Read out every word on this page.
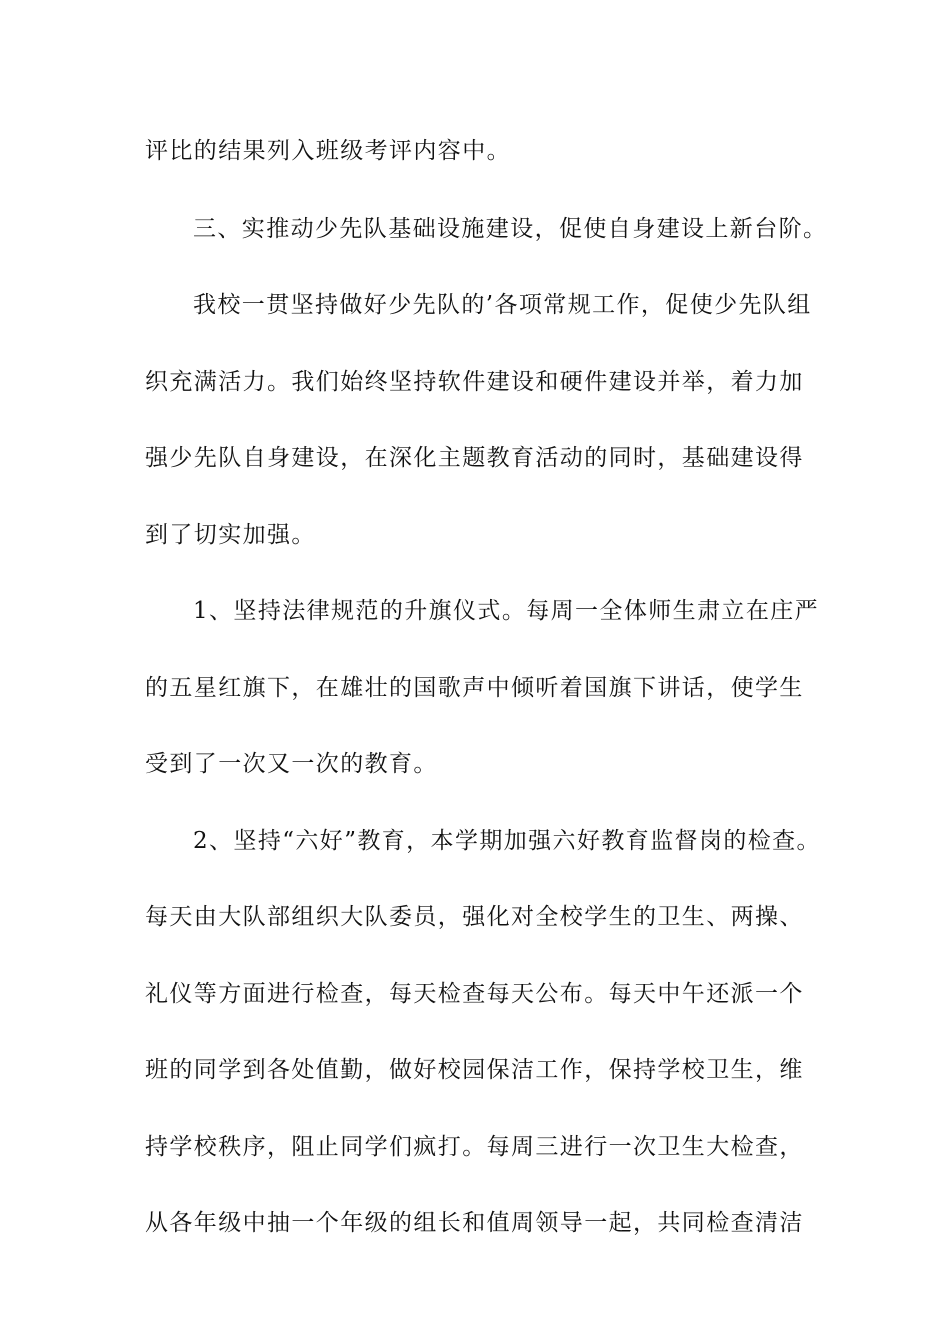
评比的结果列入班级考评内容中。
三、实推动少先队基础设施建设，促使自身建设上新台阶。
我校一贯坚持做好少先队的’各项常规工作，促使少先队组
织充满活力。我们始终坚持软件建设和硬件建设并举，着力加
强少先队自身建设，在深化主题教育活动的同时，基础建设得
到了切实加强。
1、坚持法律规范的升旗仪式。每周一全体师生肃立在庄严
的五星红旗下，在雄壮的国歌声中倾听着国旗下讲话，使学生
受到了一次又一次的教育。
2、坚持“六好”教育，本学期加强六好教育监督岗的检查。
每天由大队部组织大队委员，强化对全校学生的卫生、两操、
礼仪等方面进行检查，每天检查每天公布。每天中午还派一个
班的同学到各处值勤，做好校园保洁工作，保持学校卫生，维
持学校秩序，阻止同学们疯打。每周三进行一次卫生大检查，
从各年级中抽一个年级的组长和值周领导一起，共同检查清洁
